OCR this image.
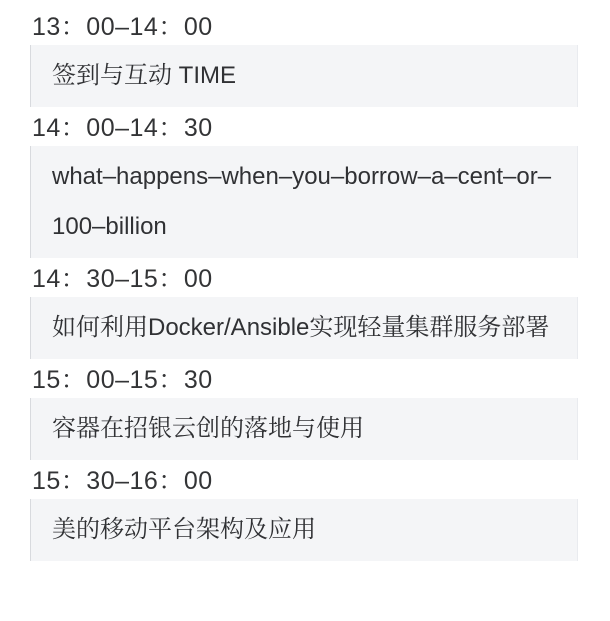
13：00–14：00

签到与互动 TIME

14：00–14：30

what–happens–when–you–borrow–a–cent–or–100–billion

14：30–15：00

如何利用Docker/Ansible实现轻量集群服务部署

15：00–15：30

容器在招银云创的落地与使用

15：30–16：00

美的移动平台架构及应用
